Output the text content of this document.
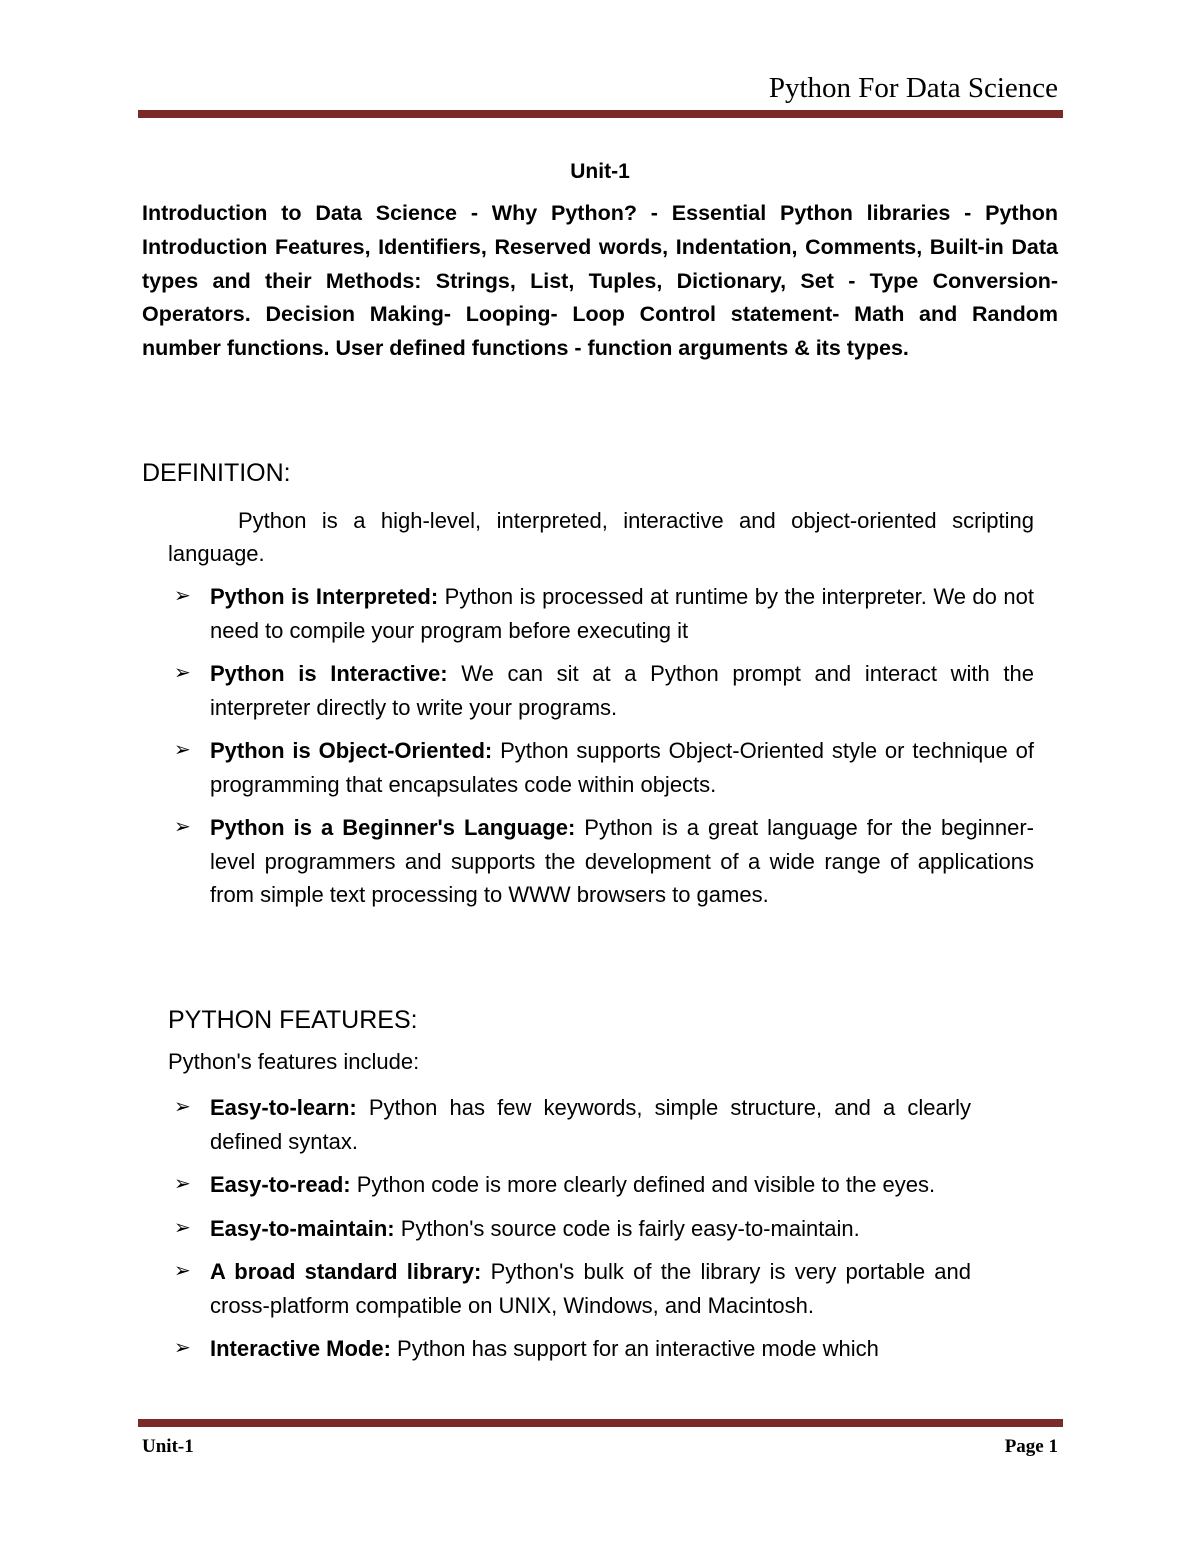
Python For Data Science
Unit-1

Introduction to Data Science - Why Python? - Essential Python libraries - Python Introduction Features, Identifiers, Reserved words, Indentation, Comments, Built-in Data types and their Methods: Strings, List, Tuples, Dictionary, Set - Type Conversion- Operators. Decision Making- Looping- Loop Control statement- Math and Random number functions. User defined functions - function arguments & its types.

DEFINITION:

Python is a high-level, interpreted, interactive and object-oriented scripting language.

➢ Python is Interpreted: Python is processed at runtime by the interpreter. We do not need to compile your program before executing it
➢ Python is Interactive: We can sit at a Python prompt and interact with the interpreter directly to write your programs.
➢ Python is Object-Oriented: Python supports Object-Oriented style or technique of programming that encapsulates code within objects.
➢ Python is a Beginner's Language: Python is a great language for the beginner-level programmers and supports the development of a wide range of applications from simple text processing to WWW browsers to games.
PYTHON FEATURES:

Python's features include:

➢ Easy-to-learn: Python has few keywords, simple structure, and a clearly defined syntax.
➢ Easy-to-read: Python code is more clearly defined and visible to the eyes.
➢ Easy-to-maintain: Python's source code is fairly easy-to-maintain.
➢ A broad standard library: Python's bulk of the library is very portable and cross-platform compatible on UNIX, Windows, and Macintosh.
➢ Interactive Mode: Python has support for an interactive mode which
Unit-1	Page 1
